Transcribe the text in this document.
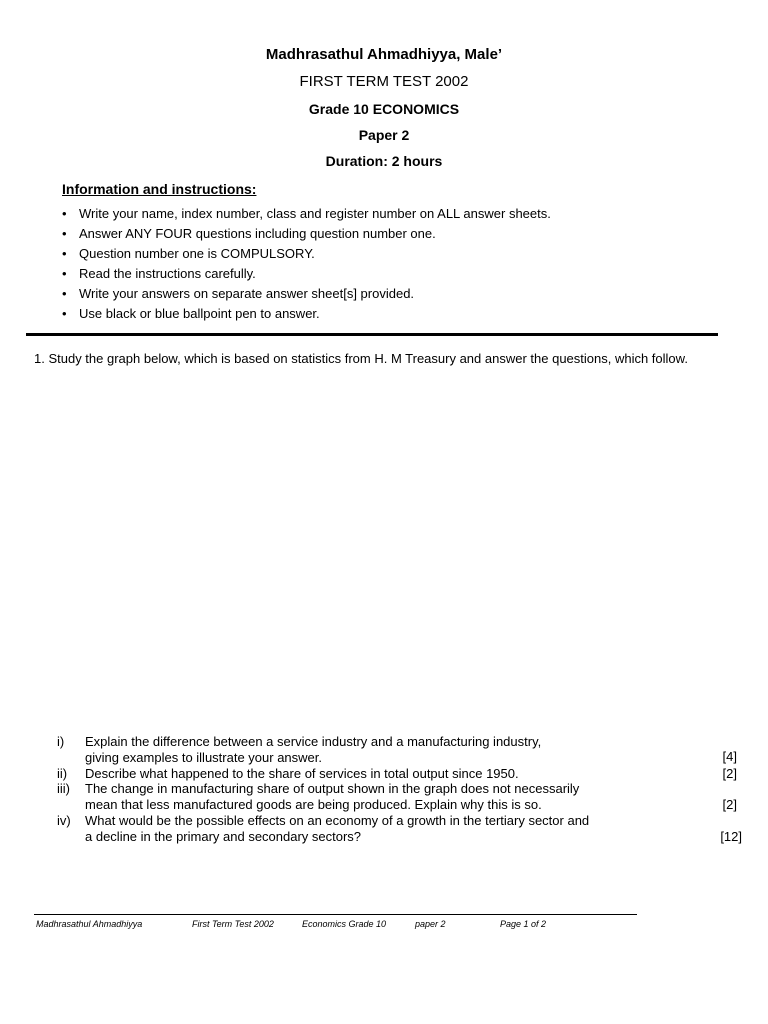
Madhrasathul Ahmadhiyya, Male’
FIRST TERM TEST 2002
Grade 10 ECONOMICS
Paper 2
Duration: 2 hours
Information and instructions:
• Write your name, index number, class and register number on ALL answer sheets.
• Answer ANY FOUR questions including question number one.
• Question number one is COMPULSORY.
• Read the instructions carefully.
• Write your answers on separate answer sheet[s] provided.
• Use black or blue ballpoint pen to answer.
1. Study the graph below, which is based on statistics from H. M Treasury and answer the questions, which follow.
i) Explain the difference between a service industry and a manufacturing industry,
giving examples to illustrate your answer.	[4]
ii) Describe what happened to the share of services in total output since 1950.	[2]
iii) The change in manufacturing share of output shown in the graph does not necessarily
mean that less manufactured goods are being produced. Explain why this is so.	[2]
iv) What would be the possible effects on an economy of a growth in the tertiary sector and
a decline in the primary and secondary sectors?	[12]
Madhrasathul Ahmadhiyya	First Term Test 2002	Economics Grade 10	paper 2	Page 1 of 2
